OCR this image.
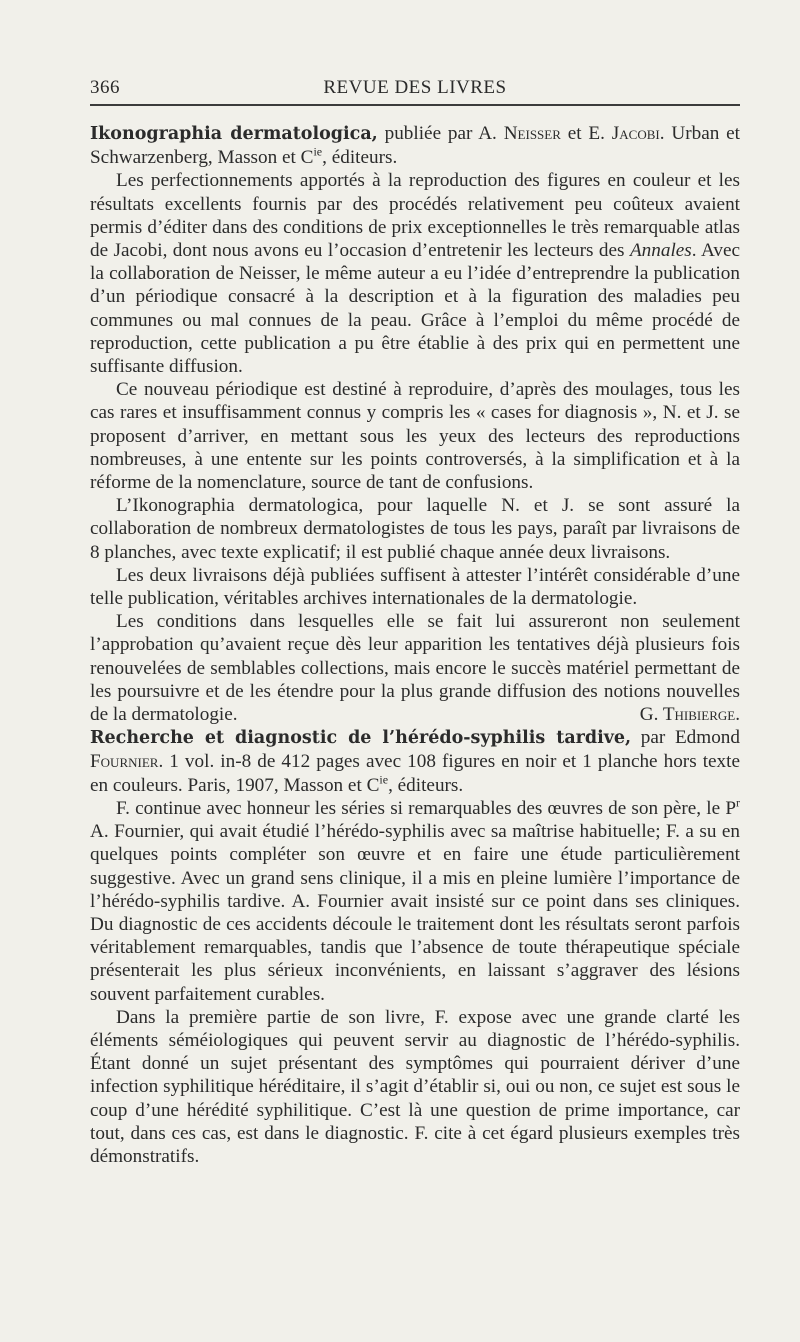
366	REVUE DES LIVRES

Ikonographia dermatologica, publiée par A. Neisser et E. Jacobi. Urban et Schwarzenberg, Masson et $C^{ie}$, éditeurs.

Les perfectionnements apportés à la reproduction des figures en couleur et les résultats excellents fournis par des procédés relativement peu coûteux avaient permis d’éditer dans des conditions de prix exceptionnelles le très remarquable atlas de Jacobi, dont nous avons eu l’occasion d’entretenir les lecteurs des Annales. Avec la collaboration de Neisser, le même auteur a eu l’idée d’entreprendre la publication d’un périodique consacré à la description et à la figuration des maladies peu communes ou mal connues de la peau. Grâce à l’emploi du même procédé de reproduction, cette publication a pu être établie à des prix qui en permettent une suffisante diffusion.

Ce nouveau périodique est destiné à reproduire, d’après des moulages, tous les cas rares et insuffisamment connus y compris les « cases for diagnosis », N. et J. se proposent d’arriver, en mettant sous les yeux des lecteurs des reproductions nombreuses, à une entente sur les points controversés, à la simplification et à la réforme de la nomenclature, source de tant de confusions.

L’Ikonographia dermatologica, pour laquelle N. et J. se sont assuré la collaboration de nombreux dermatologistes de tous les pays, paraît par livraisons de 8 planches, avec texte explicatif; il est publié chaque année deux livraisons.

Les deux livraisons déjà publiées suffisent à attester l’intérêt considérable d’une telle publication, véritables archives internationales de la dermatologie.

Les conditions dans lesquelles elle se fait lui assureront non seulement l’approbation qu’avaient reçue dès leur apparition les tentatives déjà plusieurs fois renouvelées de semblables collections, mais encore le succès matériel permettant de les poursuivre et de les étendre pour la plus grande diffusion des notions nouvelles de la dermatologie.	G. Thibierge.

Recherche et diagnostic de l’hérédo-syphilis tardive, par Edmond Fournier. 1 vol. in-8 de 412 pages avec 108 figures en noir et 1 planche hors texte en couleurs. Paris, 1907, Masson et $C^{ie}$, éditeurs.

F. continue avec honneur les séries si remarquables des œuvres de son père, le $P^r$ A. Fournier, qui avait étudié l’hérédo-syphilis avec sa maîtrise habituelle; F. a su en quelques points compléter son œuvre et en faire une étude particulièrement suggestive. Avec un grand sens clinique, il a mis en pleine lumière l’importance de l’hérédo-syphilis tardive. A. Fournier avait insisté sur ce point dans ses cliniques. Du diagnostic de ces accidents découle le traitement dont les résultats seront parfois véritablement remarquables, tandis que l’absence de toute thérapeutique spéciale présenterait les plus sérieux inconvénients, en laissant s’aggraver des lésions souvent parfaitement curables.

Dans la première partie de son livre, F. expose avec une grande clarté les éléments séméiologiques qui peuvent servir au diagnostic de l’hérédo-syphilis. Étant donné un sujet présentant des symptômes qui pourraient dériver d’une infection syphilitique héréditaire, il s’agit d’établir si, oui ou non, ce sujet est sous le coup d’une hérédité syphilitique. C’est là une question de prime importance, car tout, dans ces cas, est dans le diagnostic. F. cite à cet égard plusieurs exemples très démonstratifs.
